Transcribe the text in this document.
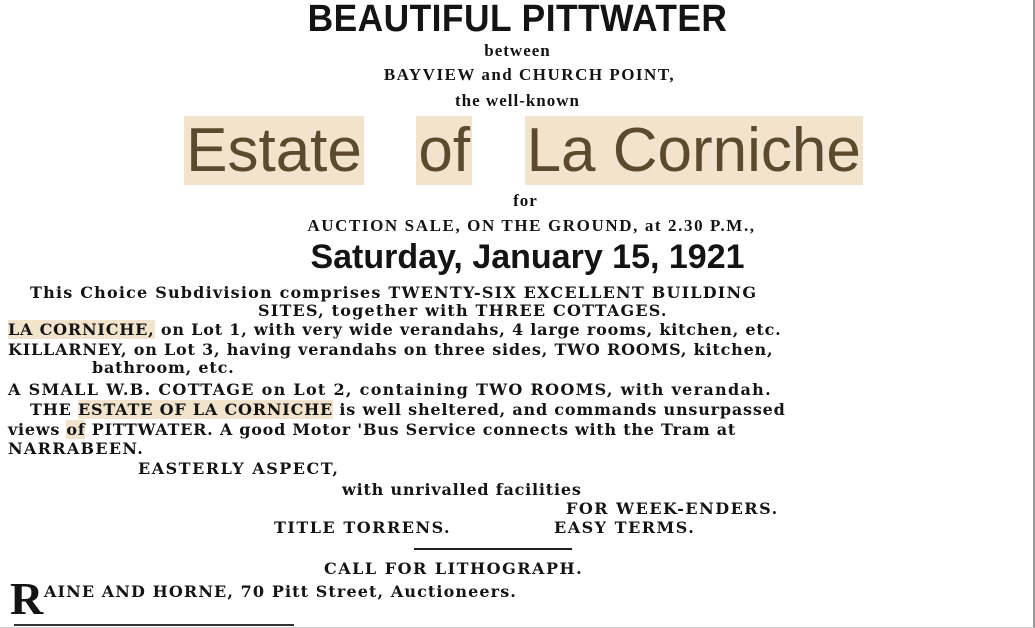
BEAUTIFUL PITTWATER
between
BAYVIEW and CHURCH POINT,
the well-known
Estate of La Corniche
for
AUCTION SALE, ON THE GROUND, at 2.30 P.M.,
Saturday, January 15, 1921
This Choice Subdivision comprises TWENTY-SIX EXCELLENT BUILDING
SITES, together with THREE COTTAGES.
LA CORNICHE, on Lot 1, with very wide verandahs, 4 large rooms, kitchen, etc.
KILLARNEY, on Lot 3, having verandahs on three sides, TWO ROOMS, kitchen,
bathroom, etc.
A SMALL W.B. COTTAGE on Lot 2, containing TWO ROOMS, with verandah.
THE ESTATE OF LA CORNICHE is well sheltered, and commands unsurpassed
views of PITTWATER. A good Motor 'Bus Service connects with the Tram at
NARRABEEN.
EASTERLY ASPECT,
with unrivalled facilities
FOR WEEK-ENDERS.
TITLE TORRENS.	EASY TERMS.
CALL FOR LITHOGRAPH.
R AINE AND HORNE, 70 Pitt Street, Auctioneers.
